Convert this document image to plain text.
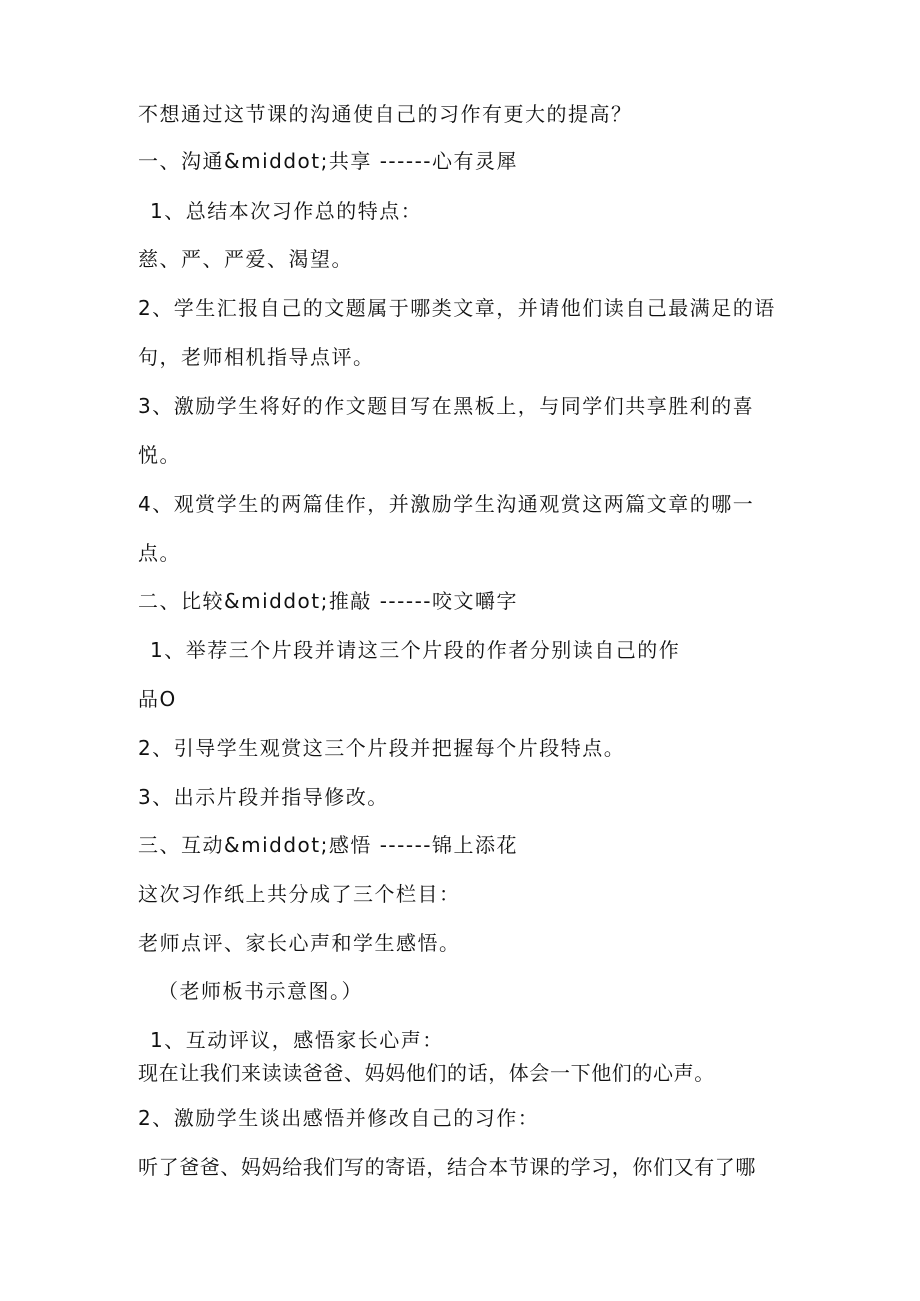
不想通过这节课的沟通使自己的习作有更大的提高？
一、沟通&middot;共享 ------心有灵犀
1、总结本次习作总的特点：
慈、严、严爱、渴望。
2、学生汇报自己的文题属于哪类文章，并请他们读自己最满足的语
句，老师相机指导点评。
3、激励学生将好的作文题目写在黑板上，与同学们共享胜利的喜
悦。
4、观赏学生的两篇佳作，并激励学生沟通观赏这两篇文章的哪一
点。
二、比较&middot;推敲 ------咬文嚼字
1、举荐三个片段并请这三个片段的作者分别读自己的作
品O
2、引导学生观赏这三个片段并把握每个片段特点。
3、出示片段并指导修改。
三、互动&middot;感悟 ------锦上添花
这次习作纸上共分成了三个栏目：
老师点评、家长心声和学生感悟。
（老师板书示意图。）
1、互动评议，感悟家长心声：
现在让我们来读读爸爸、妈妈他们的话，体会一下他们的心声。
2、激励学生谈出感悟并修改自己的习作：
听了爸爸、妈妈给我们写的寄语，结合本节课的学习，你们又有了哪
